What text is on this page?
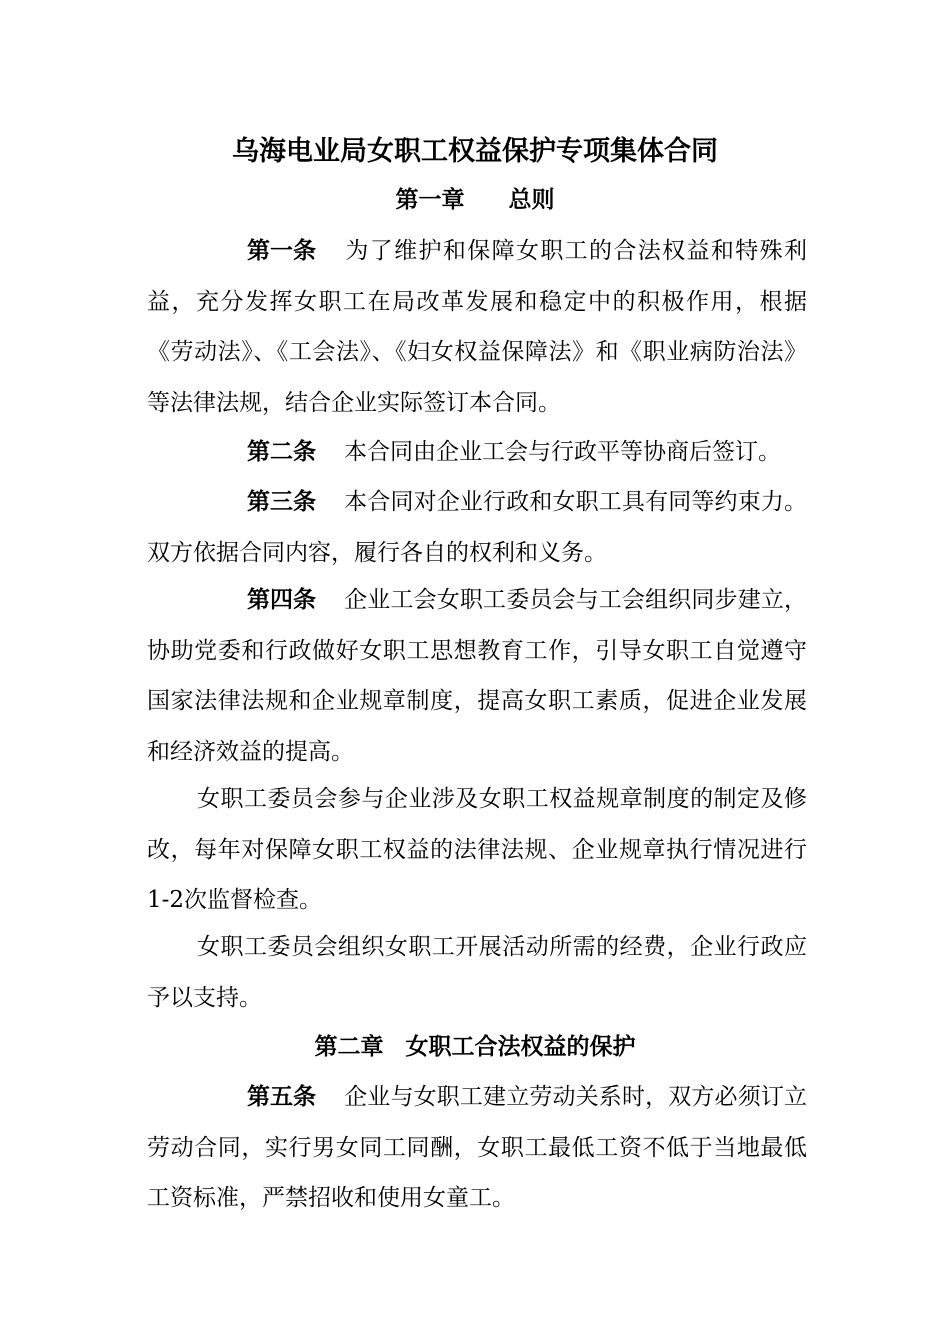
乌海电业局女职工权益保护专项集体合同
第一章 总则

第一条 为了维护和保障女职工的合法权益和特殊利益，充分发挥女职工在局改革发展和稳定中的积极作用，根据《劳动法》、《工会法》、《妇女权益保障法》和《职业病防治法》等法律法规，结合企业实际签订本合同。

第二条 本合同由企业工会与行政平等协商后签订。

第三条 本合同对企业行政和女职工具有同等约束力。双方依据合同内容，履行各自的权利和义务。

第四条 企业工会女职工委员会与工会组织同步建立，协助党委和行政做好女职工思想教育工作，引导女职工自觉遵守国家法律法规和企业规章制度，提高女职工素质，促进企业发展和经济效益的提高。

女职工委员会参与企业涉及女职工权益规章制度的制定及修改，每年对保障女职工权益的法律法规、企业规章执行情况进行1-2次监督检查。

女职工委员会组织女职工开展活动所需的经费，企业行政应予以支持。

第二章 女职工合法权益的保护

第五条 企业与女职工建立劳动关系时，双方必须订立劳动合同，实行男女同工同酬，女职工最低工资不低于当地最低工资标准，严禁招收和使用女童工。
